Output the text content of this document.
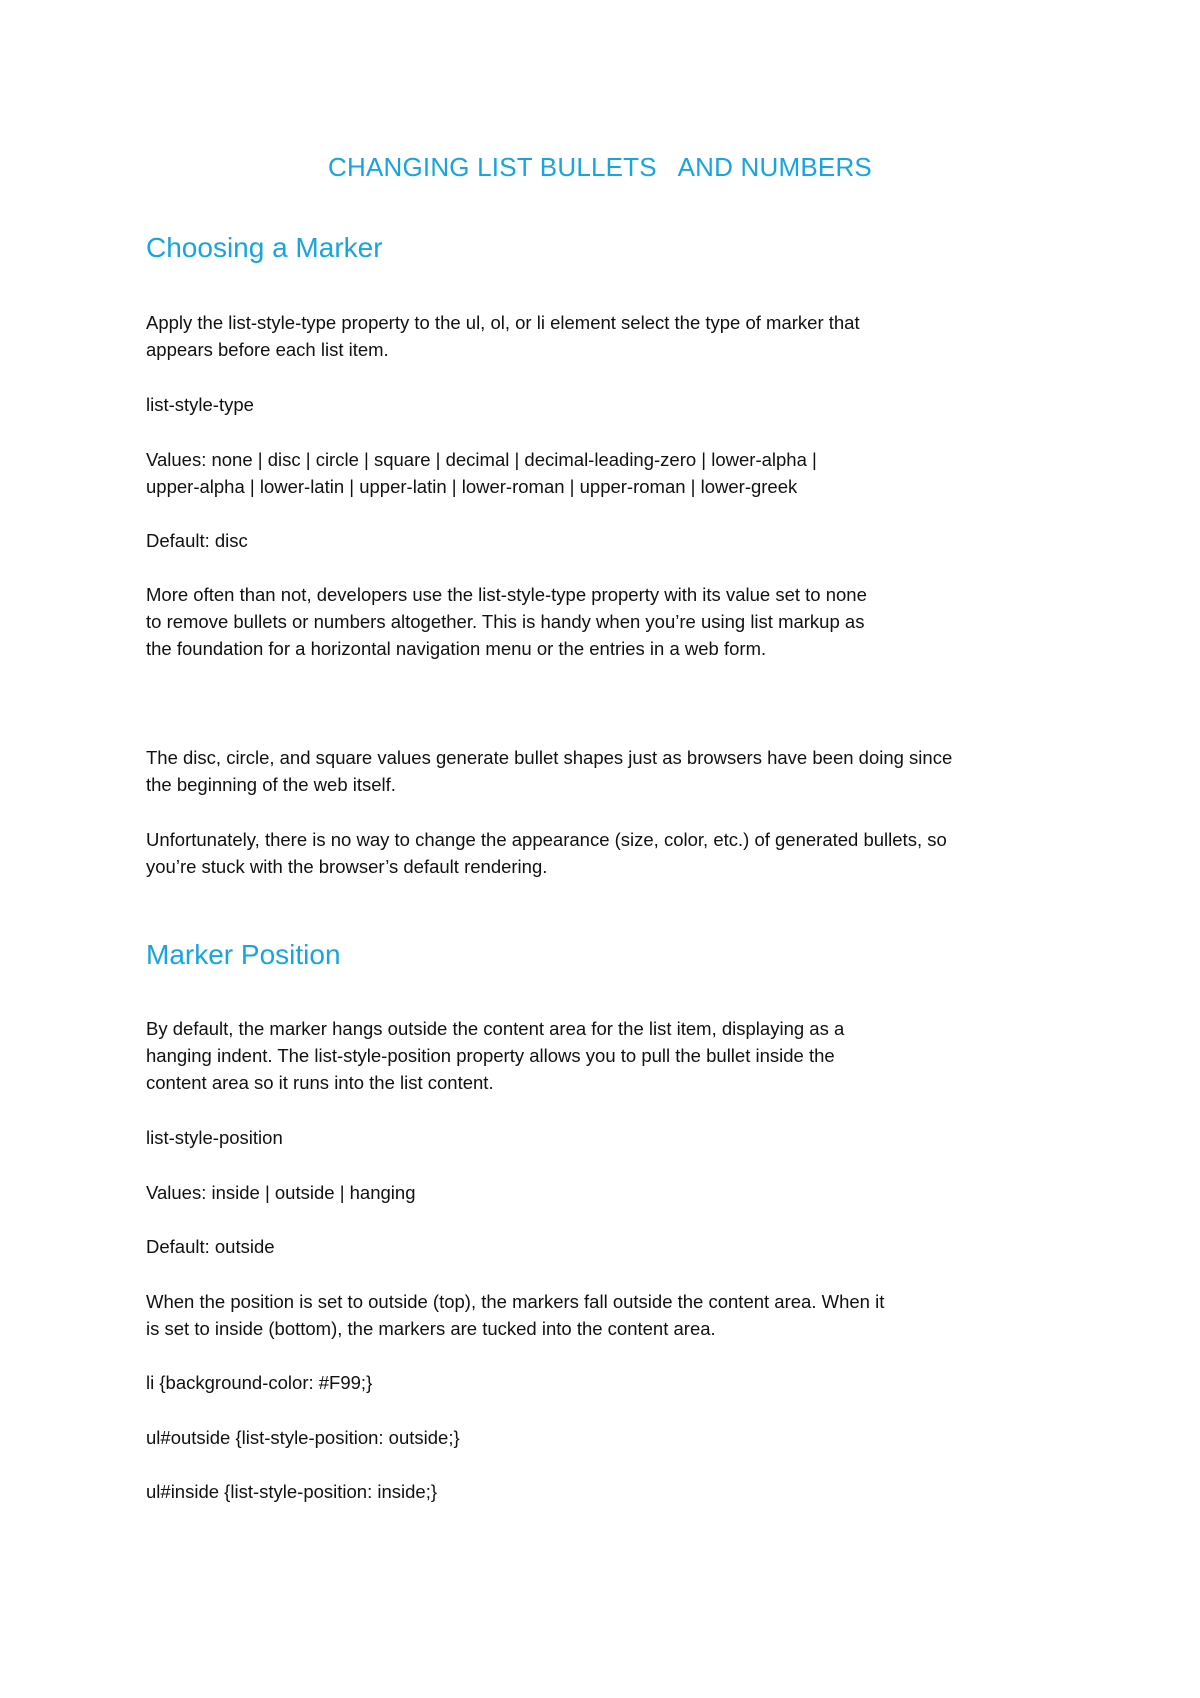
CHANGING LIST BULLETS   AND NUMBERS
Choosing a Marker

Apply the list-style-type property to the ul, ol, or li element select the type of marker that
appears before each list item.

list-style-type

Values: none | disc | circle | square | decimal | decimal-leading-zero | lower-alpha |
upper-alpha | lower-latin | upper-latin | lower-roman | upper-roman | lower-greek

Default: disc

More often than not, developers use the list-style-type property with its value set to none
to remove bullets or numbers altogether. This is handy when you’re using list markup as
the foundation for a horizontal navigation menu or the entries in a web form.

The disc, circle, and square values generate bullet shapes just as browsers have been doing since
the beginning of the web itself.

Unfortunately, there is no way to change the appearance (size, color, etc.) of generated bullets, so
you’re stuck with the browser’s default rendering.

Marker Position

By default, the marker hangs outside the content area for the list item, displaying as a
hanging indent. The list-style-position property allows you to pull the bullet inside the
content area so it runs into the list content.

list-style-position

Values: inside | outside | hanging

Default: outside

When the position is set to outside (top), the markers fall outside the content area. When it
is set to inside (bottom), the markers are tucked into the content area.

li {background-color: #F99;}

ul#outside {list-style-position: outside;}

ul#inside {list-style-position: inside;}
